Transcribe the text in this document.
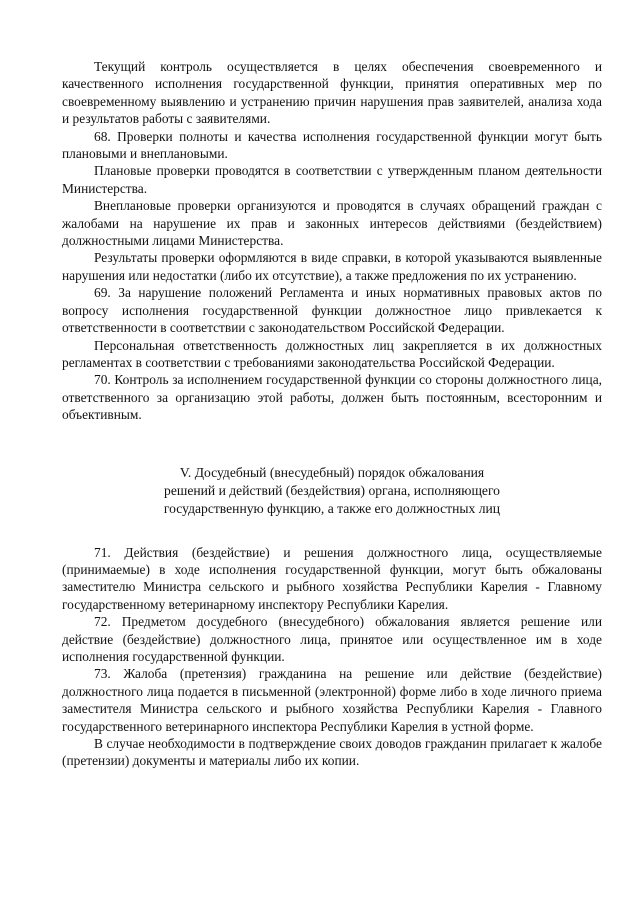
Текущий контроль осуществляется в целях обеспечения своевременного и качественного исполнения государственной функции, принятия оперативных мер по своевременному выявлению и устранению причин нарушения прав заявителей, анализа хода и результатов работы с заявителями.

68. Проверки полноты и качества исполнения государственной функции могут быть плановыми и внеплановыми.

Плановые проверки проводятся в соответствии с утвержденным планом деятельности Министерства.

Внеплановые проверки организуются и проводятся в случаях обращений граждан с жалобами на нарушение их прав и законных интересов действиями (бездействием) должностными лицами Министерства.

Результаты проверки оформляются в виде справки, в которой указываются выявленные нарушения или недостатки (либо их отсутствие), а также предложения по их устранению.

69. За нарушение положений Регламента и иных нормативных правовых актов по вопросу исполнения государственной функции должностное лицо привлекается к ответственности в соответствии с законодательством Российской Федерации.

Персональная ответственность должностных лиц закрепляется в их должностных регламентах в соответствии с требованиями законодательства Российской Федерации.

70. Контроль за исполнением государственной функции со стороны должностного лица, ответственного за организацию этой работы, должен быть постоянным, всесторонним и объективным.

V. Досудебный (внесудебный) порядок обжалования
решений и действий (бездействия) органа, исполняющего
государственную функцию, а также его должностных лиц

71. Действия (бездействие) и решения должностного лица, осуществляемые (принимаемые) в ходе исполнения государственной функции, могут быть обжалованы заместителю Министра сельского и рыбного хозяйства Республики Карелия - Главному государственному ветеринарному инспектору Республики Карелия.

72. Предметом досудебного (внесудебного) обжалования является решение или действие (бездействие) должностного лица, принятое или осуществленное им в ходе исполнения государственной функции.

73. Жалоба (претензия) гражданина на решение или действие (бездействие) должностного лица подается в письменной (электронной) форме либо в ходе личного приема заместителя Министра сельского и рыбного хозяйства Республики Карелия - Главного государственного ветеринарного инспектора Республики Карелия в устной форме.

В случае необходимости в подтверждение своих доводов гражданин прилагает к жалобе (претензии) документы и материалы либо их копии.
